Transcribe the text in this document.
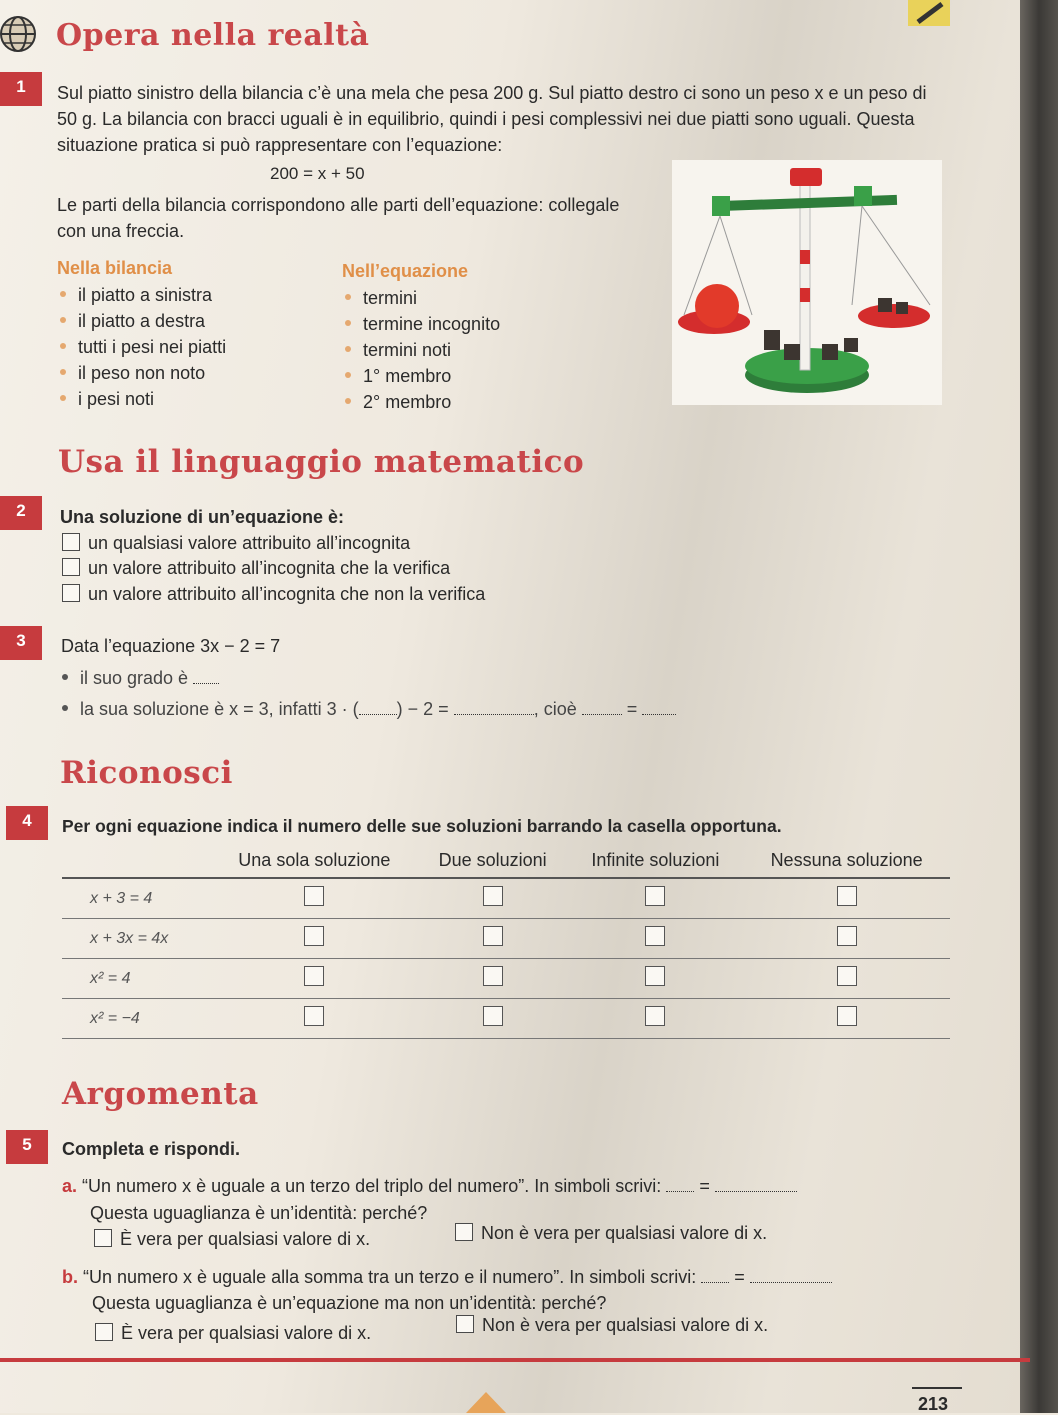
Opera nella realtà
1	Sul piatto sinistro della bilancia c’è una mela che pesa 200 g. Sul piatto destro ci sono un peso x e un peso di 50 g. La bilancia con bracci uguali è in equilibrio, quindi i pesi complessivi nei due piatti sono uguali. Questa situazione pratica si può rappresentare con l’equazione:
200 = x + 50
Le parti della bilancia corrispondono alle parti dell’equazione: collegale con una freccia.
Nella bilancia	Nell’equazione
il piatto a sinistra
il piatto a destra
tutti i pesi nei piatti
il peso non noto
i pesi noti
termini
termine incognito
termini noti
1° membro
2° membro
Usa il linguaggio matematico
2	Una soluzione di un’equazione è:
un qualsiasi valore attribuito all’incognita
un valore attribuito all’incognita che la verifica
un valore attribuito all’incognita che non la verifica
3	Data l’equazione 3x − 2 = 7
il suo grado è
la sua soluzione è x = 3, infatti 3 · ( ) − 2 =	, cioè	=
Riconosci
4	Per ogni equazione indica il numero delle sue soluzioni barrando la casella opportuna.
	Una sola soluzione	Due soluzioni	Infinite soluzioni	Nessuna soluzione
x + 3 = 4				
x + 3x = 4x				
x² = 4				
x² = −4				
Argomenta
5	Completa e rispondi.
a. “Un numero x è uguale a un terzo del triplo del numero”. In simboli scrivi: =
Questa uguaglianza è un’identità: perché?
È vera per qualsiasi valore di x.	Non è vera per qualsiasi valore di x.
b. “Un numero x è uguale alla somma tra un terzo e il numero”. In simboli scrivi: =
Questa uguaglianza è un’equazione ma non un’identità: perché?
È vera per qualsiasi valore di x.	Non è vera per qualsiasi valore di x.
213
